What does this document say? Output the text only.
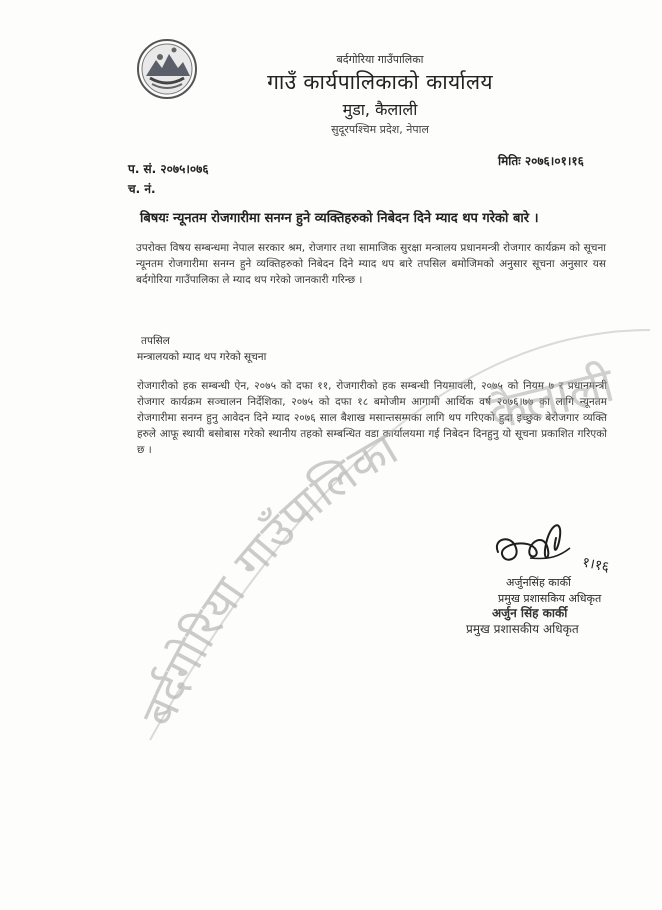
बर्दगोरिया गाउँपालिका
गाउँ कार्यपालिकाको कार्यालय
मुडा, कैलाली
सुदूरपश्चिम प्रदेश, नेपाल
प. सं. २०७५।०७६
च. नं.
मितिः २०७६।०१।१६
बिषयः न्यूनतम रोजगारीमा सनग्न हुने व्यक्तिहरुको निबेदन दिने म्याद थप गरेको बारे ।
उपरोक्त विषय सम्बन्धमा नेपाल सरकार श्रम, रोजगार तथा सामाजिक सुरक्षा मन्त्रालय प्रधानमन्त्री रोजगार कार्यक्रम को सूचना न्यूनतम रोजगारीमा सनग्न हुने व्यक्तिहरुको निबेदन दिने म्याद थप बारे तपसिल बमोजिमको अनुसार सूचना अनुसार यस बर्दगोरिया गाउँपालिका ले म्याद थप गरेको जानकारी गरिन्छ ।
तपसिल
मन्त्रालयको म्याद थप गरेको सूचना
रोजगारीको हक सम्बन्धी ऐन, २०७५ को दफा ११, रोजगारीको हक सम्बन्धी नियमावली, २०७५ को नियम ७ र प्रधानमन्त्री रोजगार कार्यक्रम सञ्चालन निर्देशिका, २०७५ को दफा १८ बमोजीम आगामी आर्थिक वर्ष २०७६।७७ का लागि न्यूनतम रोजगारीमा सनग्न हुनु आवेदन दिने म्याद २०७६ साल बैशाख मसान्तसम्मका लागि थप गरिएको हुदा इच्छुक बेरोजगार व्यक्ति हरुले आफू स्थायी बसोबास गरेको स्थानीय तहको सम्बन्धित वडा कार्यालयमा गई निबेदन दिनहुनु यो सूचना प्रकाशित गरिएको छ ।
बर्दगोरिया गाउँपालिका
कैलाली
१।१६
अर्जुनसिंह कार्की
प्रमुख प्रशासकिय अधिकृत
अर्जुन सिंह कार्की
प्रमुख प्रशासकीय अधिकृत
